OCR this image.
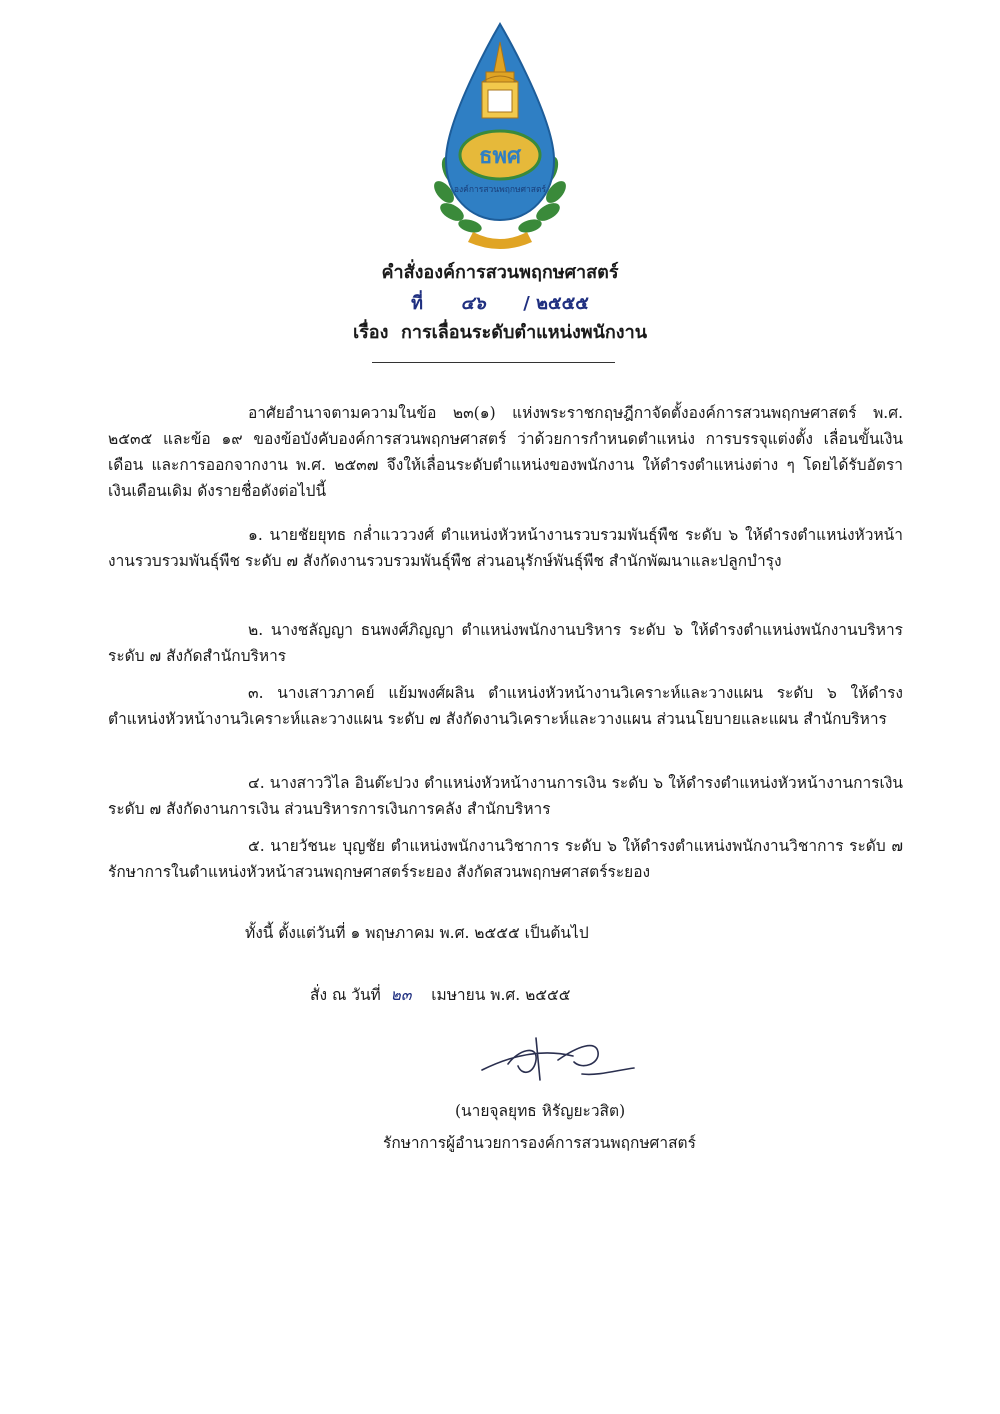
ธพศ
องค์การสวนพฤกษศาสตร์
คำสั่งองค์การสวนพฤกษศาสตร์
ที่ ๔๖ / ๒๕๕๕
เรื่อง การเลื่อนระดับตำแหน่งพนักงาน

อาศัยอำนาจตามความในข้อ ๒๓(๑) แห่งพระราชกฤษฎีกาจัดตั้งองค์การสวนพฤกษศาสตร์ พ.ศ. ๒๕๓๕ และข้อ ๑๙ ของข้อบังคับองค์การสวนพฤกษศาสตร์ ว่าด้วยการกำหนดตำแหน่ง การบรรจุแต่งตั้ง เลื่อนขั้นเงินเดือน และการออกจากงาน พ.ศ. ๒๕๓๗ จึงให้เลื่อนระดับตำแหน่งของพนักงาน ให้ดำรงตำแหน่งต่าง ๆ โดยได้รับอัตราเงินเดือนเดิม ดังรายชื่อดังต่อไปนี้

๑. นายชัยยุทธ กล่ำแวววงศ์ ตำแหน่งหัวหน้างานรวบรวมพันธุ์พืช ระดับ ๖ ให้ดำรงตำแหน่งหัวหน้างานรวบรวมพันธุ์พืช ระดับ ๗ สังกัดงานรวบรวมพันธุ์พืช ส่วนอนุรักษ์พันธุ์พืช สำนักพัฒนาและปลูกบำรุง

๒. นางชลัญญา ธนพงศ์ภิญญา ตำแหน่งพนักงานบริหาร ระดับ ๖ ให้ดำรงตำแหน่งพนักงานบริหาร ระดับ ๗ สังกัดสำนักบริหาร

๓. นางเสาวภาคย์ แย้มพงศ์ผลิน ตำแหน่งหัวหน้างานวิเคราะห์และวางแผน ระดับ ๖ ให้ดำรงตำแหน่งหัวหน้างานวิเคราะห์และวางแผน ระดับ ๗ สังกัดงานวิเคราะห์และวางแผน ส่วนนโยบายและแผน สำนักบริหาร

๔. นางสาววิไล อินต๊ะปวง ตำแหน่งหัวหน้างานการเงิน ระดับ ๖ ให้ดำรงตำแหน่งหัวหน้างานการเงิน ระดับ ๗ สังกัดงานการเงิน ส่วนบริหารการเงินการคลัง สำนักบริหาร

๕. นายวัชนะ บุญชัย ตำแหน่งพนักงานวิชาการ ระดับ ๖ ให้ดำรงตำแหน่งพนักงานวิชาการ ระดับ ๗ รักษาการในตำแหน่งหัวหน้าสวนพฤกษศาสตร์ระยอง สังกัดสวนพฤกษศาสตร์ระยอง

ทั้งนี้ ตั้งแต่วันที่ ๑ พฤษภาคม พ.ศ. ๒๕๕๕ เป็นต้นไป
สั่ง ณ วันที่ ๒๓ เมษายน พ.ศ. ๒๕๕๕
(นายจุลยุทธ หิรัญยะวสิต)
รักษาการผู้อำนวยการองค์การสวนพฤกษศาสตร์
